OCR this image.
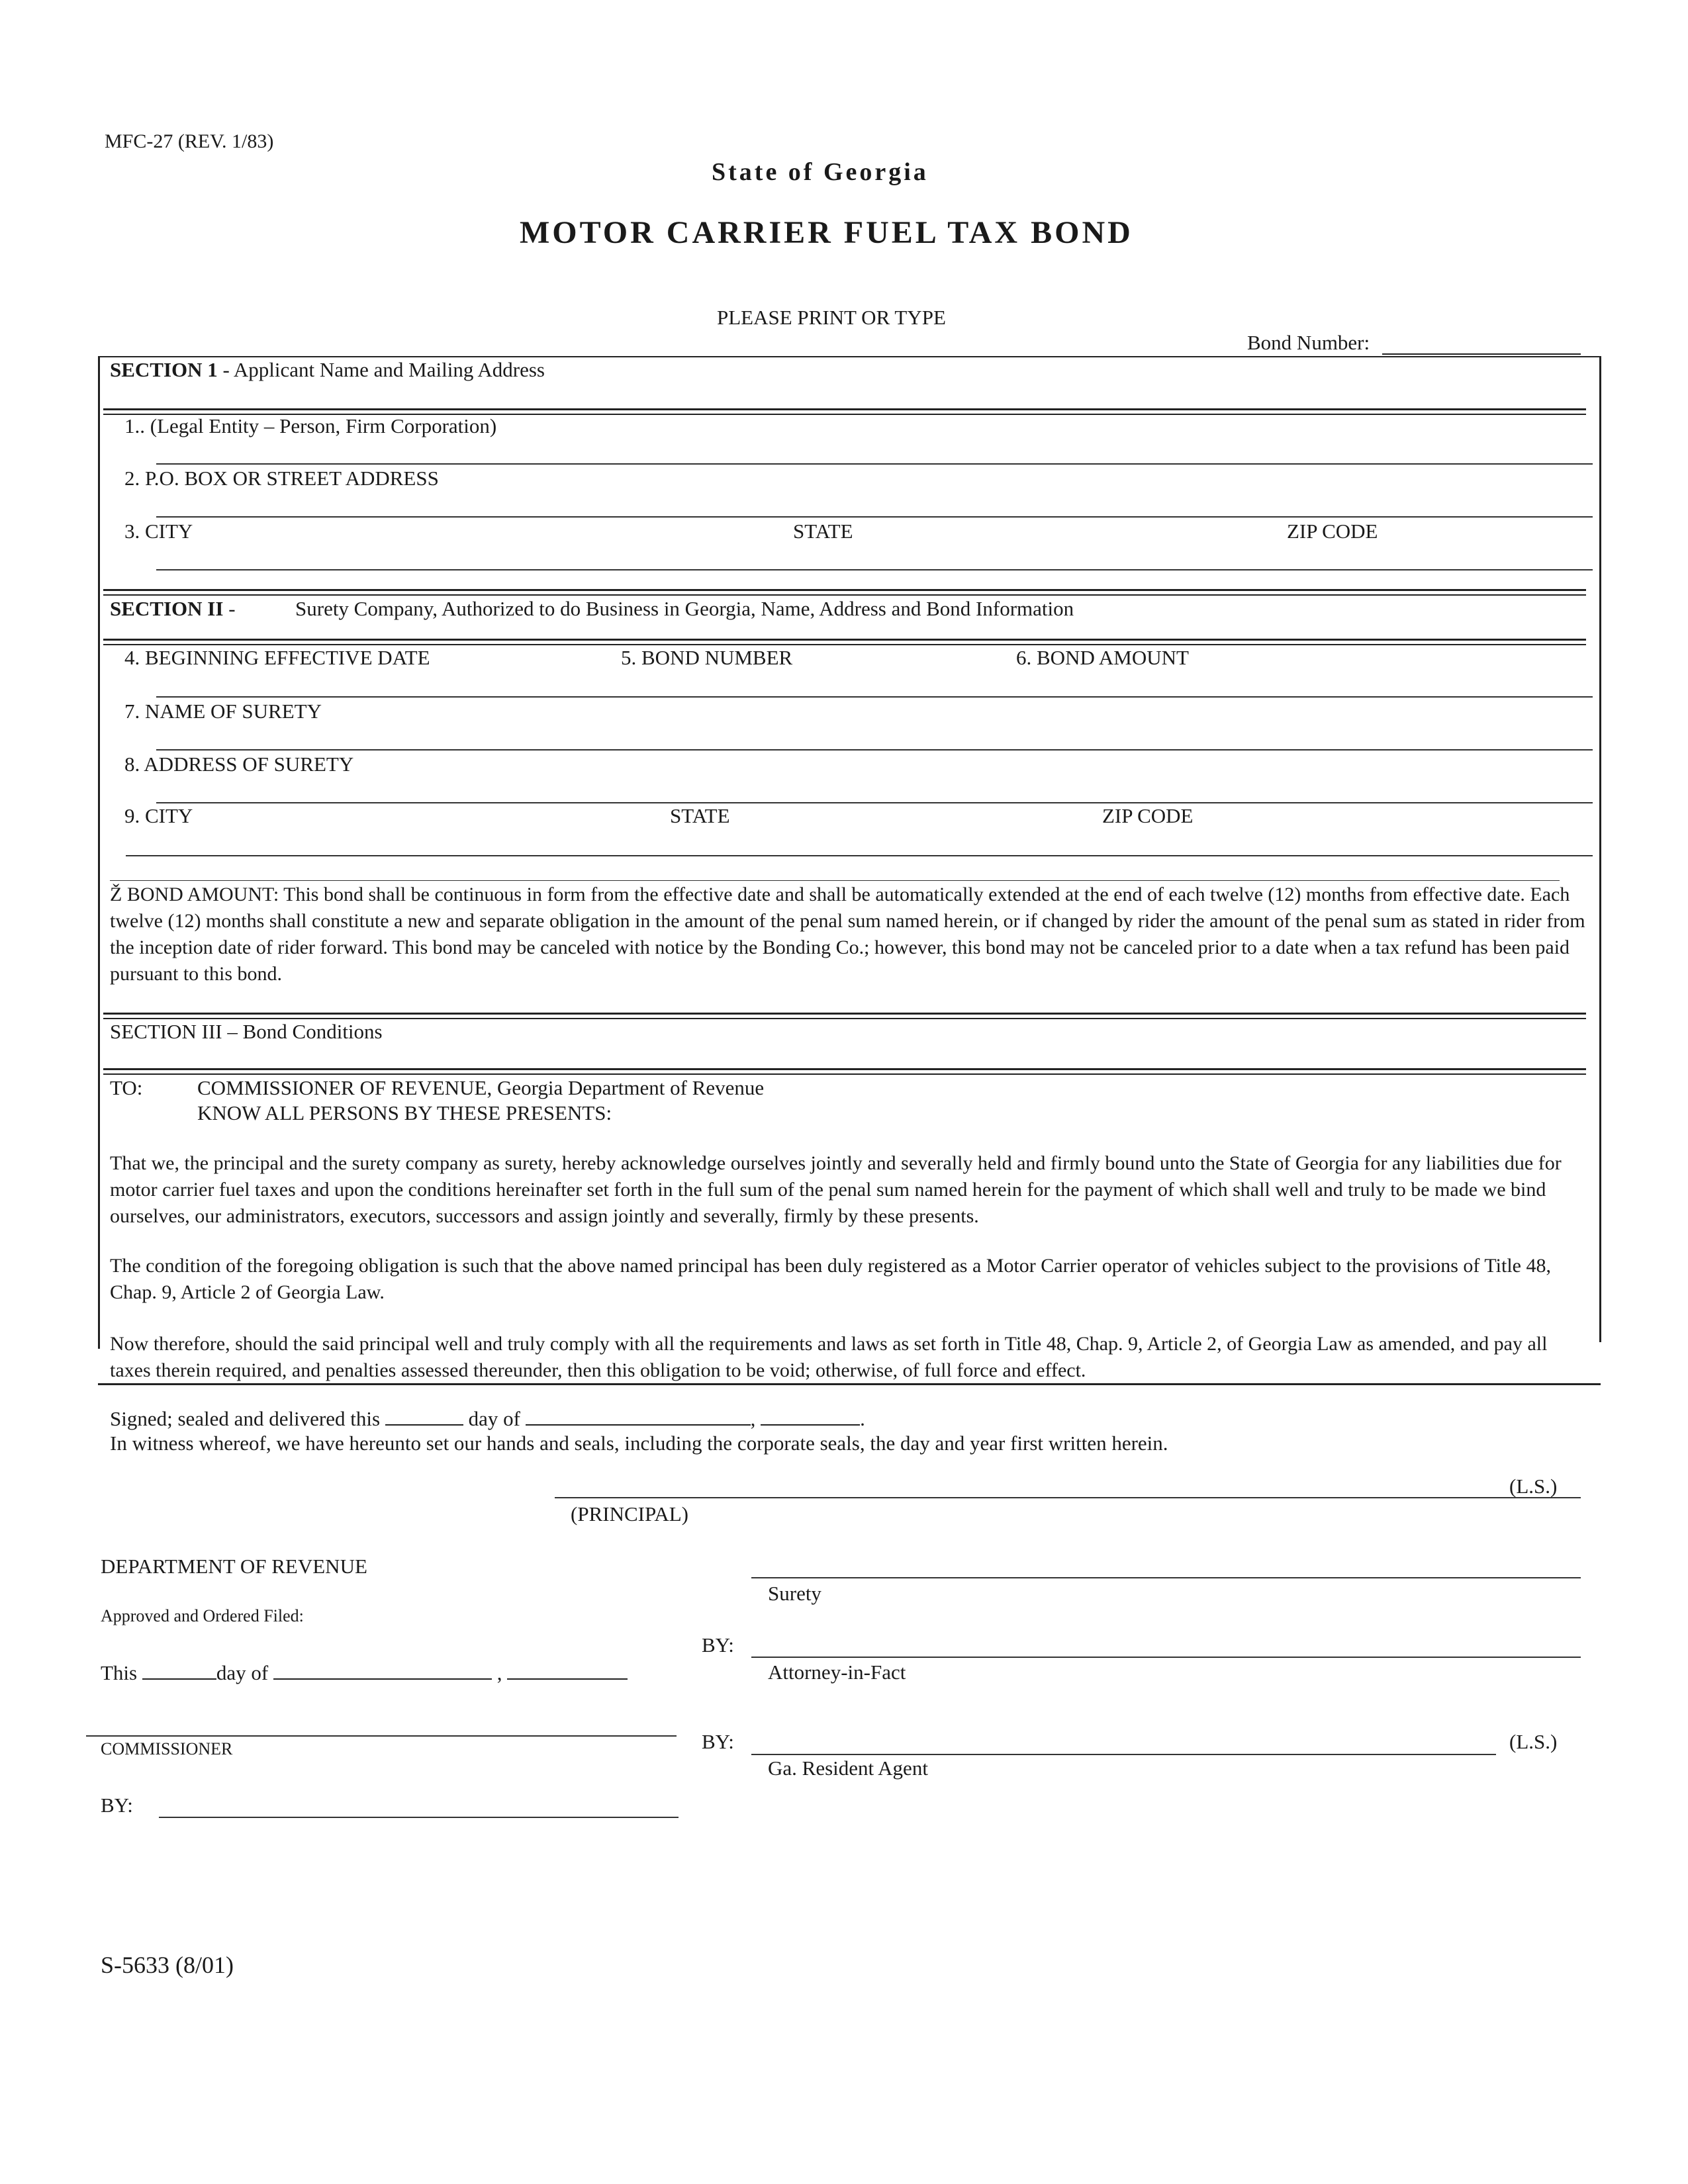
MFC-27 (REV. 1/83)
State of Georgia
MOTOR CARRIER FUEL TAX BOND
PLEASE PRINT OR TYPE
Bond Number:
SECTION 1 - Applicant Name and Mailing Address
1.. (Legal Entity – Person, Firm Corporation)
2. P.O. BOX OR STREET ADDRESS
3. CITY	STATE	ZIP CODE
SECTION II -	Surety Company, Authorized to do Business in Georgia, Name, Address and Bond Information
4. BEGINNING EFFECTIVE DATE	5. BOND NUMBER	6. BOND AMOUNT
7. NAME OF SURETY
8. ADDRESS OF SURETY
9. CITY	STATE	ZIP CODE
Ž BOND AMOUNT: This bond shall be continuous in form from the effective date and shall be automatically extended at the end of each twelve (12) months from effective date. Each twelve (12) months shall constitute a new and separate obligation in the amount of the penal sum named herein, or if changed by rider the amount of the penal sum as stated in rider from the inception date of rider forward. This bond may be canceled with notice by the Bonding Co.; however, this bond may not be canceled prior to a date when a tax refund has been paid pursuant to this bond.
SECTION III – Bond Conditions
TO:	COMMISSIONER OF REVENUE, Georgia Department of Revenue
KNOW ALL PERSONS BY THESE PRESENTS:
That we, the principal and the surety company as surety, hereby acknowledge ourselves jointly and severally held and firmly bound unto the State of Georgia for any liabilities due for motor carrier fuel taxes and upon the conditions hereinafter set forth in the full sum of the penal sum named herein for the payment of which shall well and truly to be made we bind ourselves, our administrators, executors, successors and assign jointly and severally, firmly by these presents.
The condition of the foregoing obligation is such that the above named principal has been duly registered as a Motor Carrier operator of vehicles subject to the provisions of Title 48, Chap. 9, Article 2 of Georgia Law.
Now therefore, should the said principal well and truly comply with all the requirements and laws as set forth in Title 48, Chap. 9, Article 2, of Georgia Law as amended, and pay all taxes therein required, and penalties assessed thereunder, then this obligation to be void; otherwise, of full force and effect.
Signed; sealed and delivered this	day of	,	.
In witness whereof, we have hereunto set our hands and seals, including the corporate seals, the day and year first written herein.
(L.S.)
(PRINCIPAL)
Surety
BY:
Attorney-in-Fact
BY:	(L.S.)
Ga. Resident Agent
DEPARTMENT OF REVENUE
Approved and Ordered Filed:
This	day of	,
COMMISSIONER
BY:
S-5633 (8/01)
